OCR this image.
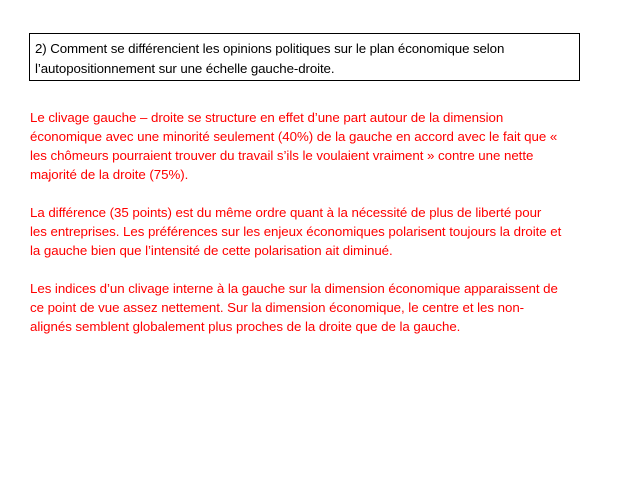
2) Comment se différencient les opinions politiques sur le plan économique selon
l’autopositionnement sur une échelle gauche-droite.

Le clivage gauche – droite se structure en effet d’une part autour de la dimension
économique avec une minorité seulement (40%) de la gauche en accord avec le fait que «
les chômeurs pourraient trouver du travail s’ils le voulaient vraiment » contre une nette
majorité de la droite (75%).

La différence (35 points) est du même ordre quant à la nécessité de plus de liberté pour
les entreprises. Les préférences sur les enjeux économiques polarisent toujours la droite et
la gauche bien que l’intensité de cette polarisation ait diminué.

Les indices d’un clivage interne à la gauche sur la dimension économique apparaissent de
ce point de vue assez nettement. Sur la dimension économique, le centre et les non-
alignés semblent globalement plus proches de la droite que de la gauche.
